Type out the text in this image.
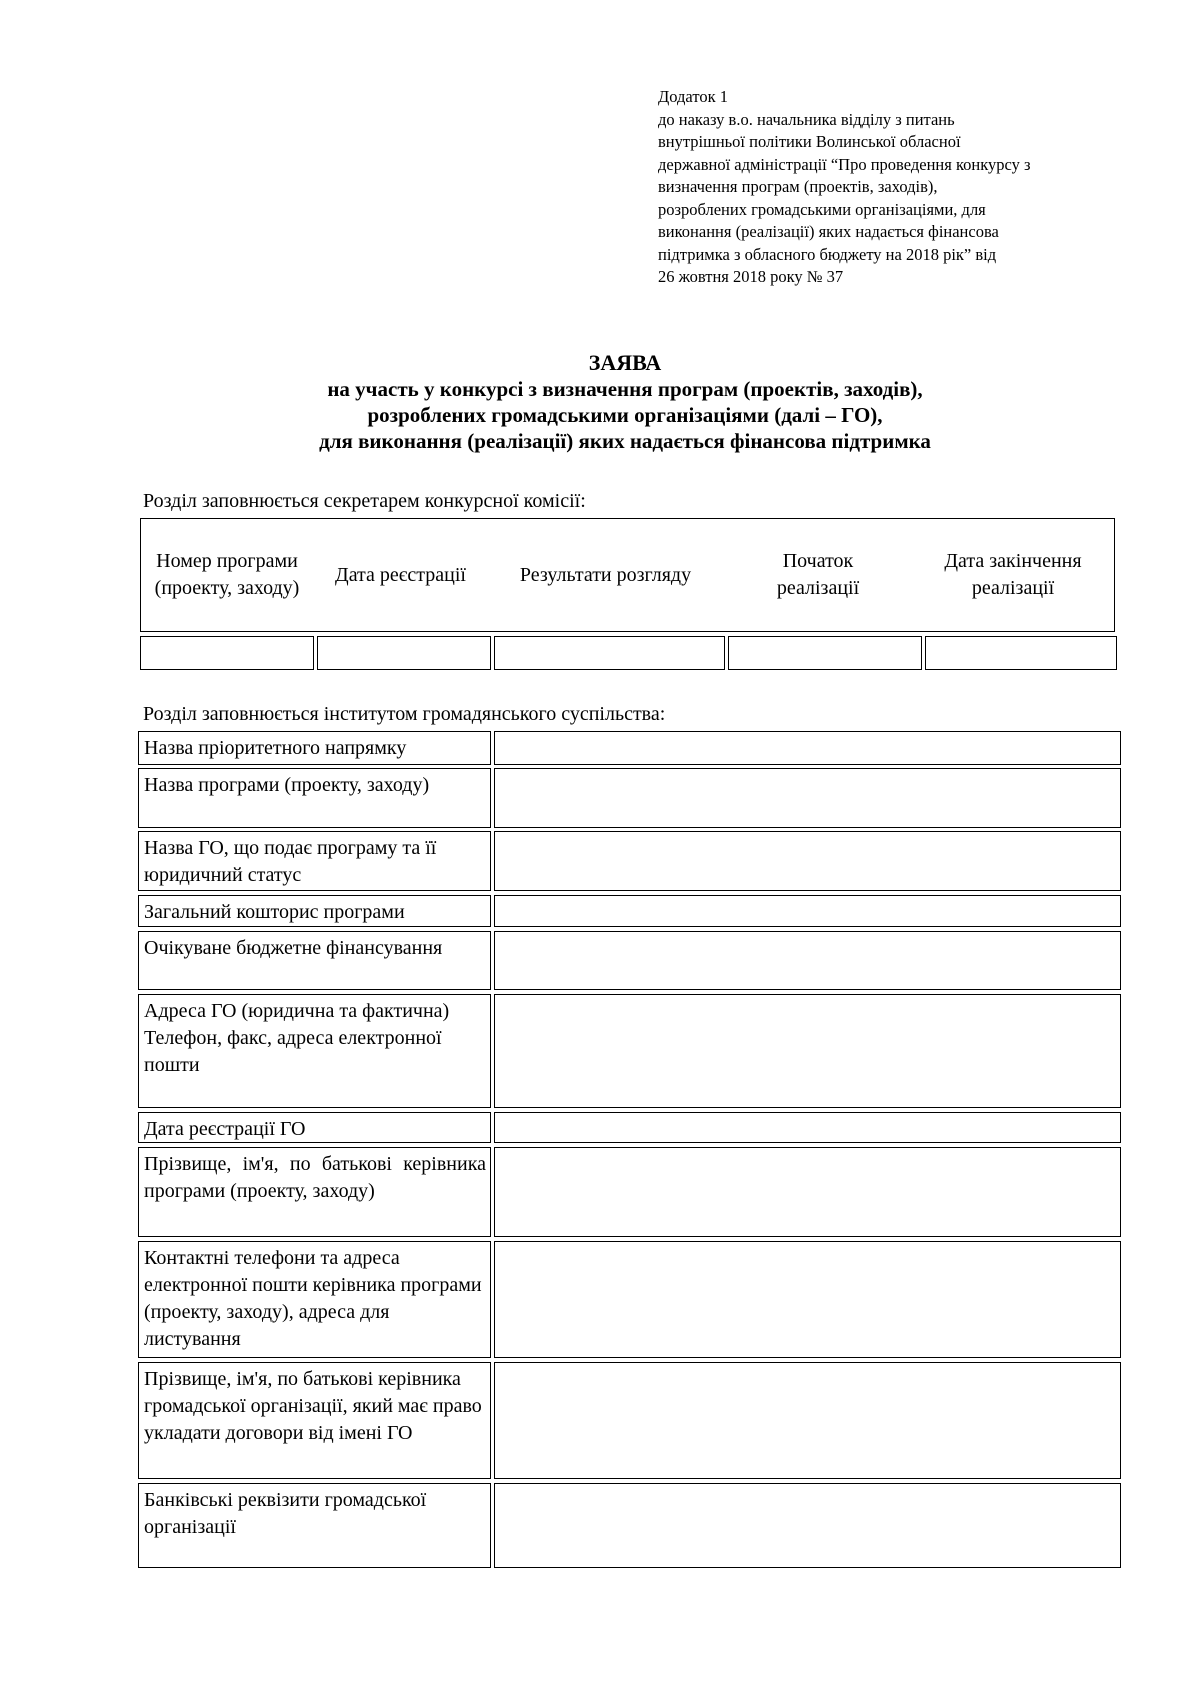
Додаток 1
до наказу в.о. начальника відділу з питань
внутрішньої політики Волинської обласної
державної адміністрації “Про проведення конкурсу з
визначення програм (проектів, заходів),
розроблених громадськими організаціями, для
виконання (реалізації) яких надається фінансова
підтримка з обласного бюджету на 2018 рік” від
26 жовтня 2018 року № 37
ЗАЯВА
на участь у конкурсі з визначення програм (проектів, заходів),
розроблених громадськими організаціями (далі – ГО),
для виконання (реалізації) яких надається фінансова підтримка
Розділ заповнюється секретарем конкурсної комісії:
Номер програми (проекту, заходу)
Дата реєстрації	Результати розгляду
Початок реалізації
Дата закінчення реалізації
Розділ заповнюється інститутом громадянського суспільства:
Назва пріоритетного напрямку
Назва програми (проекту, заходу)
Назва ГО, що подає програму та її юридичний статус
Загальний кошторис програми
Очікуване бюджетне фінансування
Адреса ГО (юридична та фактична) Телефон, факс, адреса електронної пошти
Дата реєстрації ГО
Прізвище, ім'я, по батькові керівника програми (проекту, заходу)
Контактні телефони та адреса електронної пошти керівника програми (проекту, заходу), адреса для листування
Прізвище, ім'я, по батькові керівника громадської організації, який має право укладати договори від імені ГО
Банківські реквізити громадської організації
